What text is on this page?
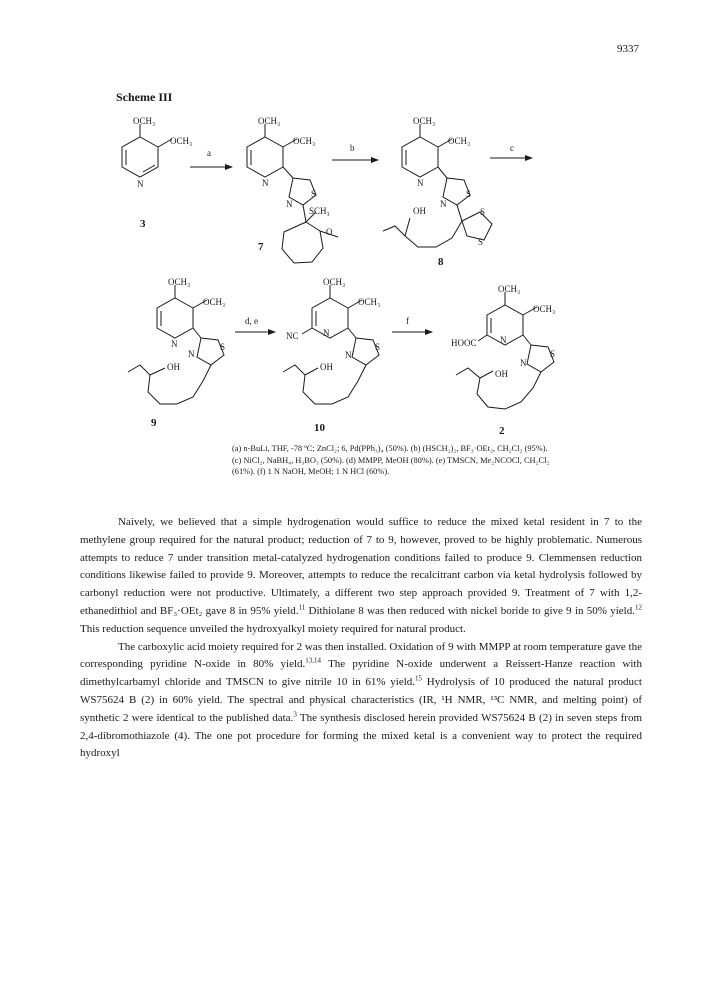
9337
Scheme III
OCH₃
OCH₃
N
OCH₃
OCH₃
N
S
N
SCH₃
O
OCH₃
OCH₃
N
S
N
OH	S
S
OCH₃
OCH₃
N	S
N
OH
OCH₃
OCH₃
NC	N
S
N
OH
OCH₃
OCH₃
HOOC	N
S
N
OH
a	b	c
d, e	f
3
7
8
9	10	2

(a) n-BuLi, THF, -78 ºC; ZnCl₂; 6, Pd(PPh₃)₄ (50%). (b) (HSCH₂)₂, BF₃·OEt₂, CH₂Cl₂ (95%).

(c) NiCl₂, NaBH₄, H₃BO₃ (50%). (d) MMPP, MeOH (80%). (e) TMSCN, Me₂NCOCl, CH₂Cl₂

(61%). (f) 1 N NaOH, MeOH; 1 N HCl (60%).

Naively, we believed that a simple hydrogenation would suffice to reduce the mixed ketal resident in 7 to the methylene group required for the natural product; reduction of 7 to 9, however, proved to be highly problematic. Numerous attempts to reduce 7 under transition metal-catalyzed hydrogenation conditions failed to produce 9. Clemmensen reduction conditions likewise failed to provide 9. Moreover, attempts to reduce the recalcitrant carbon via ketal hydrolysis followed by carbonyl reduction were not productive. Ultimately, a different two step approach provided 9. Treatment of 7 with 1,2-ethanedithiol and BF₃·OEt₂ gave 8 in 95% yield.$^{11}$ Dithiolane 8 was then reduced with nickel boride to give 9 in 50% yield.$^{12}$ This reduction sequence unveiled the hydroxyalkyl moiety required for natural product.

The carboxylic acid moiety required for 2 was then installed. Oxidation of 9 with MMPP at room temperature gave the corresponding pyridine N-oxide in 80% yield.$^{13,14}$ The pyridine N-oxide underwent a Reissert-Hanze reaction with dimethylcarbamyl chloride and TMSCN to give nitrile 10 in 61% yield.$^{15}$ Hydrolysis of 10 produced the natural product WS75624 B (2) in 60% yield. The spectral and physical characteristics (IR, ¹H NMR, ¹³C NMR, and melting point) of synthetic 2 were identical to the published data.$^3$ The synthesis disclosed herein provided WS75624 B (2) in seven steps from 2,4-dibromothiazole (4). The one pot procedure for forming the mixed ketal is a convenient way to protect the required hydroxyl
